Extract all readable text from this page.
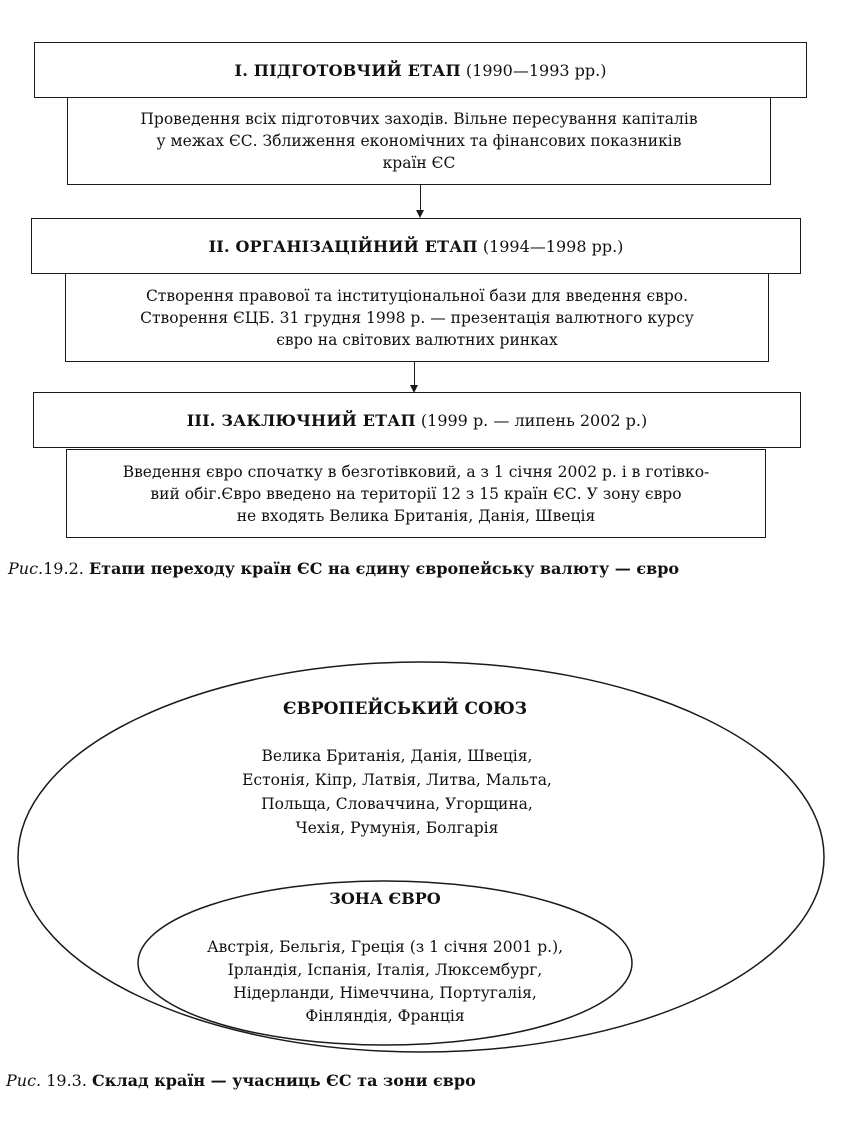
І. ПІДГОТОВЧИЙ ЕТАП (1990—1993 рр.)
Проведення всіх підготовчих заходів. Вільне пересування капіталів
у межах ЄС. Зближення економічних та фінансових показників
країн ЄС
ІІ. ОРГАНІЗАЦІЙНИЙ ЕТАП (1994—1998 рр.)
Створення правової та інституціональної бази для введення євро.
Створення ЄЦБ. 31 грудня 1998 р. — презентація валютного курсу
євро на світових валютних ринках
ІІІ. ЗАКЛЮЧНИЙ ЕТАП (1999 р. — липень 2002 р.)
Введення євро спочатку в безготівковий, а з 1 січня 2002 р. і в готівко-
вий обіг.Євро введено на території 12 з 15 країн ЄС. У зону євро
не входять Велика Британія, Данія, Швеція
Рис.19.2. Етапи переходу країн ЄС на єдину європейську валюту — євро
ЄВРОПЕЙСЬКИЙ СОЮЗ
Велика Британія, Данія, Швеція,
Естонія, Кіпр, Латвія, Литва, Мальта,
Польща, Словаччина, Угорщина,
Чехія, Румунія, Болгарія
ЗОНА ЄВРО
Австрія, Бельгія, Греція (з 1 січня 2001 р.),
Ірландія, Іспанія, Італія, Люксембург,
Нідерланди, Німеччина, Португалія,
Фінляндія, Франція
Рис. 19.3. Склад країн — учасниць ЄС та зони євро
